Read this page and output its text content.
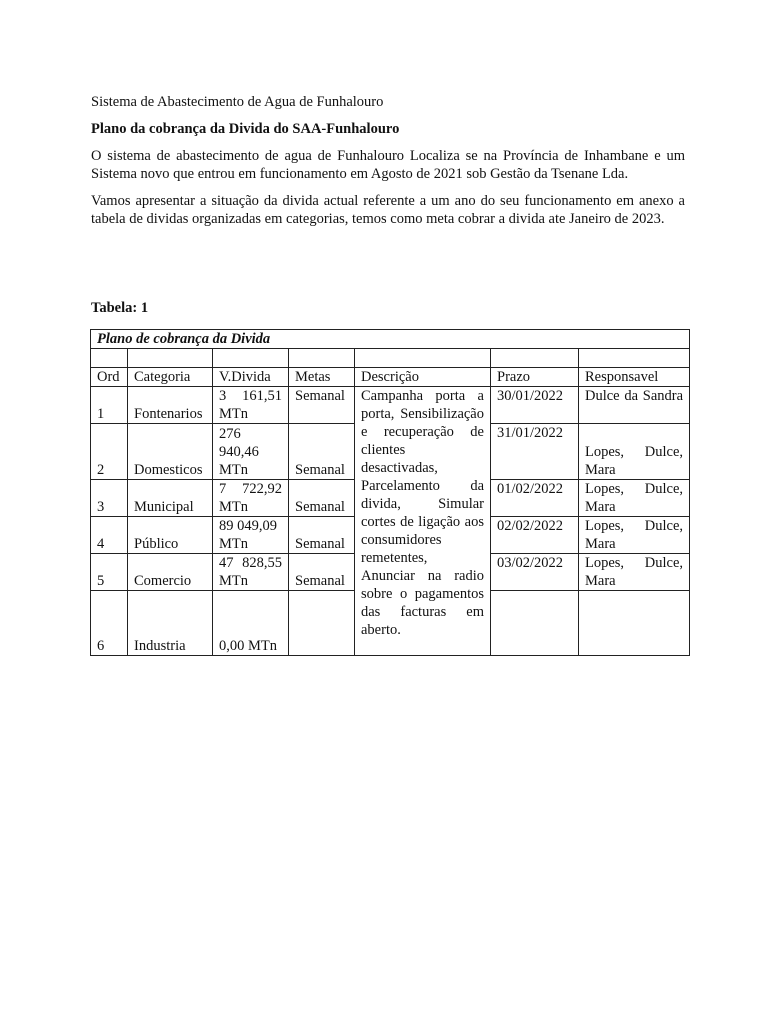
Sistema de Abastecimento de Agua de Funhalouro

Plano da cobrança da Divida do SAA-Funhalouro

O sistema de abastecimento de agua de Funhalouro Localiza se na Província de Inhambane e um Sistema novo que entrou em funcionamento em Agosto de 2021 sob Gestão da Tsenane Lda.

Vamos apresentar a situação da divida actual referente a um ano do seu funcionamento em anexo a tabela de dividas organizadas em categorias, temos como meta cobrar a divida ate Janeiro de 2023.

Tabela: 1

Plano de cobrança da Divida						

Ord	Categoria	V.Divida	Metas	Descrição	Prazo	Responsavel
1	Fontenarios	3 161,51 MTn	Semanal	Campanha porta a porta, Sensibilização e recuperação de clientes desactivadas, Parcelamento da divida, Simular cortes de ligação aos consumidores remetentes, Anunciar na radio sobre o pagamentos das facturas em aberto.	30/01/2022	Dulce da Sandra
2	Domesticos	276 940,46 MTn	Semanal		31/01/2022	Lopes, Dulce, Mara
3	Municipal	7 722,92 MTn	Semanal		01/02/2022	Lopes, Dulce, Mara
4	Público	89 049,09 MTn	Semanal		02/02/2022	Lopes, Dulce, Mara
5	Comercio	47 828,55 MTn	Semanal		03/02/2022	Lopes, Dulce, Mara
6	Industria	0,00 MTn				
